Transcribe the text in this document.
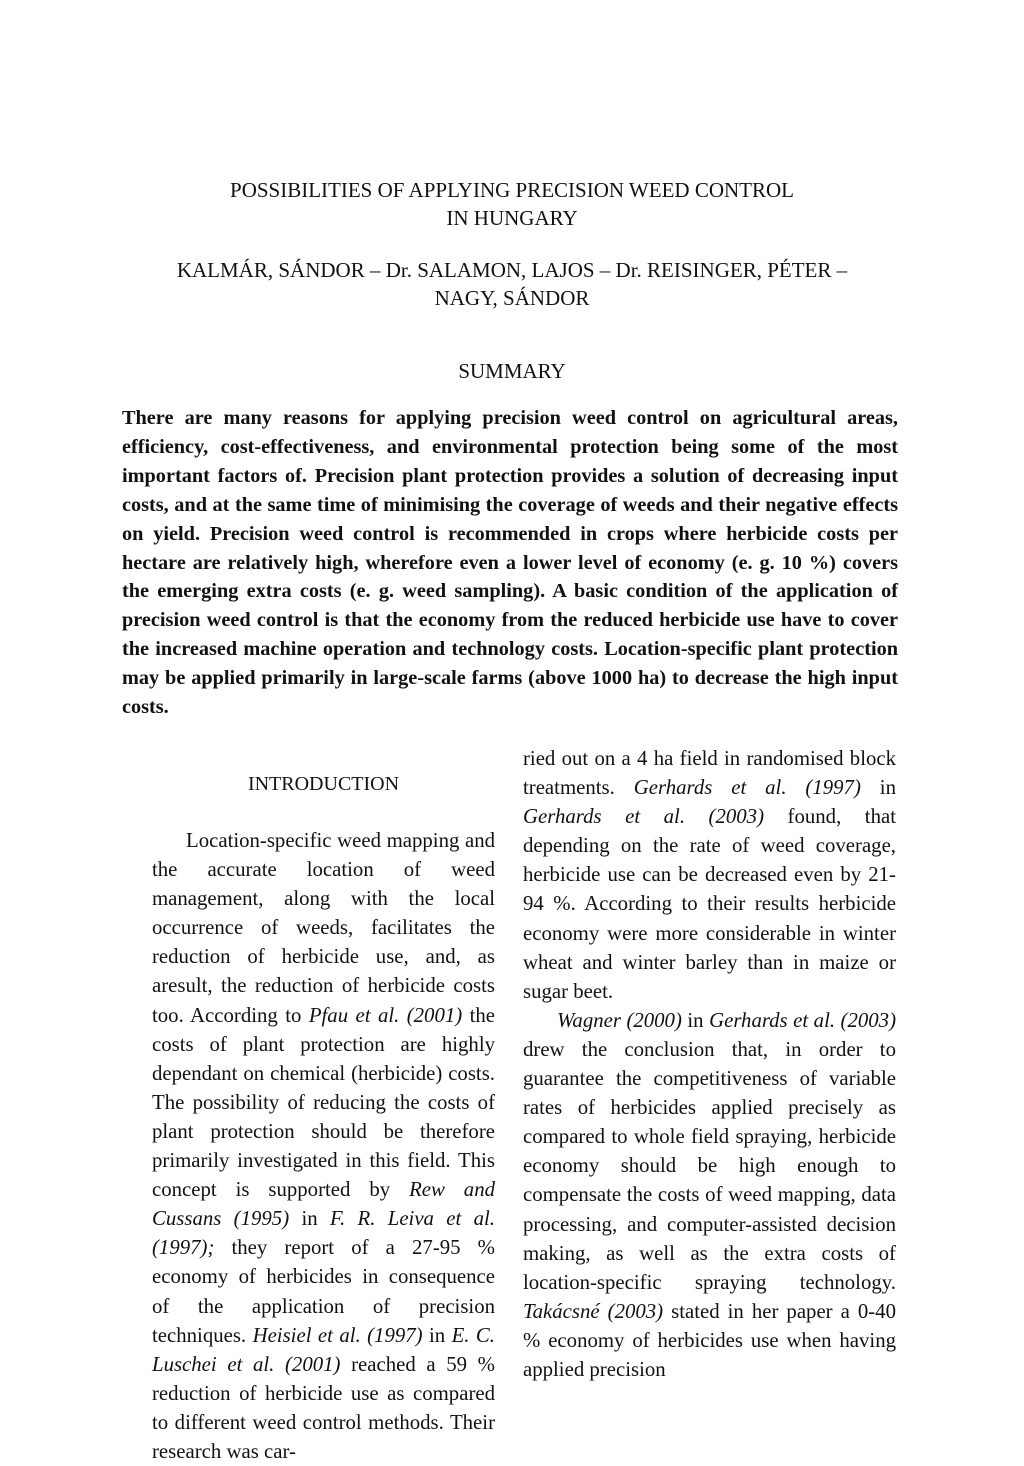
POSSIBILITIES OF APPLYING PRECISION WEED CONTROL
IN HUNGARY
KALMÁR, SÁNDOR – Dr. SALAMON, LAJOS – Dr. REISINGER, PÉTER –
NAGY, SÁNDOR
SUMMARY

There are many reasons for applying precision weed control on agricultural areas, efficiency, cost-effectiveness, and environmental protection being some of the most important factors of. Precision plant protection provides a solution of decreasing input costs, and at the same time of minimising the coverage of weeds and their negative effects on yield. Precision weed control is recommended in crops where herbicide costs per hectare are relatively high, wherefore even a lower level of economy (e. g. 10 %) covers the emerging extra costs (e. g. weed sampling). A basic condition of the application of precision weed control is that the economy from the reduced herbicide use have to cover the increased machine operation and technology costs. Location-specific plant protection may be applied primarily in large-scale farms (above 1000 ha) to decrease the high input costs.

Location-specific weed mapping and the accurate location of weed management, along with the local occurrence of weeds, facilitates the reduction of herbicide use, and, as aresult, the reduction of herbicide costs too. According to Pfau et al. (2001) the costs of plant protection are highly dependant on chemical (herbicide) costs. The possibility of reducing the costs of plant protection should be therefore primarily investigated in this field. This concept is supported by Rew and Cussans (1995) in F. R. Leiva et al. (1997); they report of a 27-95 % economy of herbicides in consequence of the application of precision techniques. Heisiel et al. (1997) in E. C. Luschei et al. (2001) reached a 59 % reduction of herbicide use as compared to different weed control methods. Their research was car-

INTRODUCTION

ried out on a 4 ha field in randomised block treatments. Gerhards et al. (1997) in Gerhards et al. (2003) found, that depending on the rate of weed coverage, herbicide use can be decreased even by 21-94 %. According to their results herbicide economy were more considerable in winter wheat and winter barley than in maize or sugar beet.

Wagner (2000) in Gerhards et al. (2003) drew the conclusion that, in order to guarantee the competitiveness of variable rates of herbicides applied precisely as compared to whole field spraying, herbicide economy should be high enough to compensate the costs of weed mapping, data processing, and computer-assisted decision making, as well as the extra costs of location-specific spraying technology. Takácsné (2003) stated in her paper a 0-40 % economy of herbicides use when having applied precision
